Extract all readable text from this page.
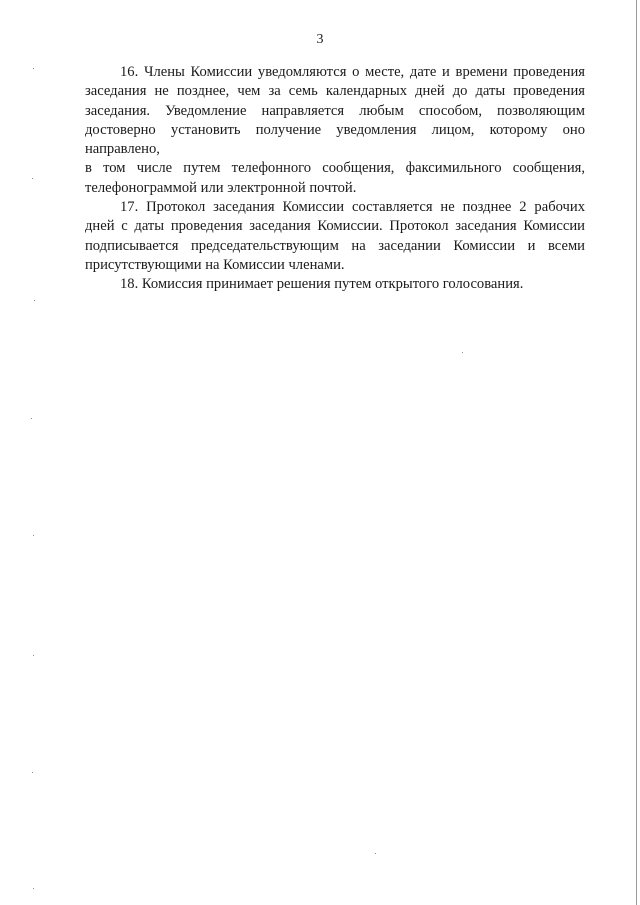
3

16. Члены Комиссии уведомляются о месте, дате и времени проведения
заседания не позднее, чем за семь календарных дней до даты проведения
заседания. Уведомление направляется любым способом, позволяющим
достоверно установить получение уведомления лицом, которому оно направлено,
в том числе путем телефонного сообщения, факсимильного сообщения,
телефонограммой или электронной почтой.

17. Протокол заседания Комиссии составляется не позднее 2 рабочих
дней с даты проведения заседания Комиссии. Протокол заседания Комиссии
подписывается председательствующим на заседании Комиссии и всеми
присутствующими на Комиссии членами.

18. Комиссия принимает решения путем открытого голосования.
